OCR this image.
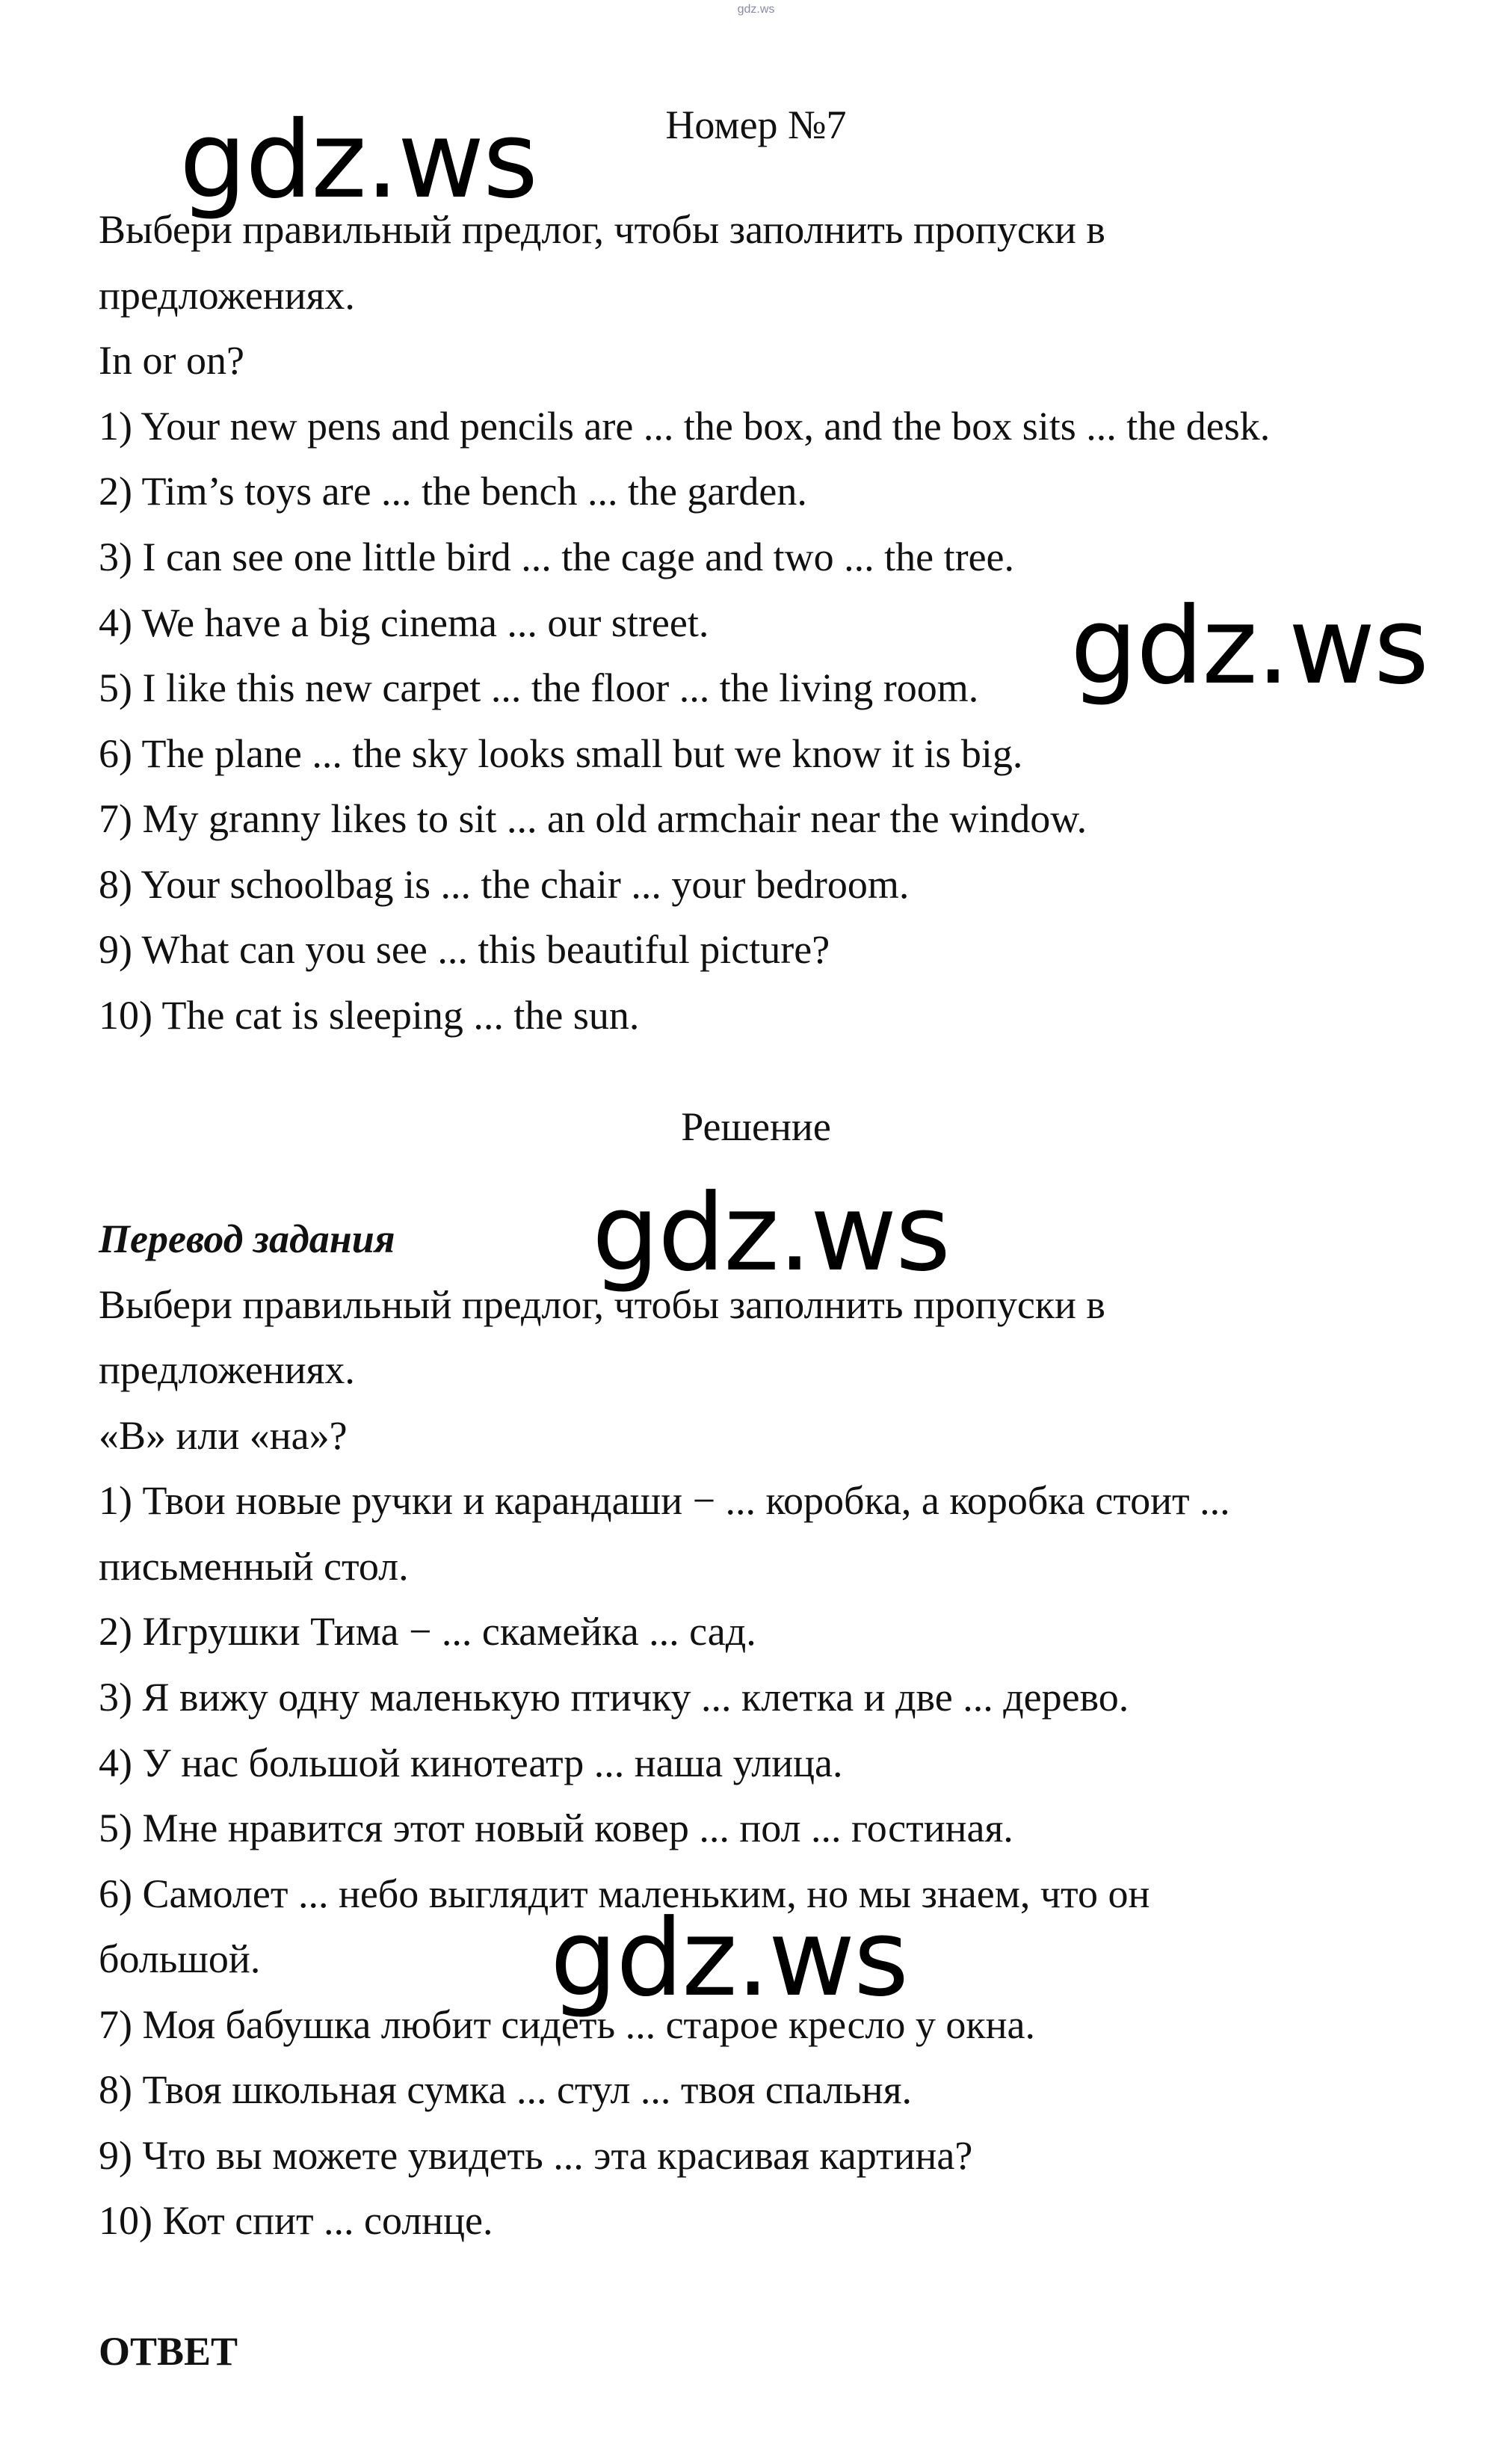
gdz.ws
gdz.ws
gdz.ws
gdz.ws
gdz.ws
Номер №7
Выбери правильный предлог, чтобы заполнить пропуски в
предложениях.
In or on?
1) Your new pens and pencils are ... the box, and the box sits ... the desk.
2) Tim’s toys are ... the bench ... the garden.
3) I can see one little bird ... the cage and two ... the tree.
4) We have a big cinema ... our street.
5) I like this new carpet ... the floor ... the living room.
6) The plane ... the sky looks small but we know it is big.
7) My granny likes to sit ... an old armchair near the window.
8) Your schoolbag is ... the chair ... your bedroom.
9) What can you see ... this beautiful picture?
10) The cat is sleeping ... the sun.
Решение
Перевод задания
Выбери правильный предлог, чтобы заполнить пропуски в
предложениях.
«В» или «на»?
1) Твои новые ручки и карандаши − ... коробка, а коробка стоит ...
письменный стол.
2) Игрушки Тима − ... скамейка ... сад.
3) Я вижу одну маленькую птичку ... клетка и две ... дерево.
4) У нас большой кинотеатр ... наша улица.
5) Мне нравится этот новый ковер ... пол ... гостиная.
6) Самолет ... небо выглядит маленьким, но мы знаем, что он
большой.
7) Моя бабушка любит сидеть ... старое кресло у окна.
8) Твоя школьная сумка ... стул ... твоя спальня.
9) Что вы можете увидеть ... эта красивая картина?
10) Кот спит ... солнце.
ОТВЕТ
